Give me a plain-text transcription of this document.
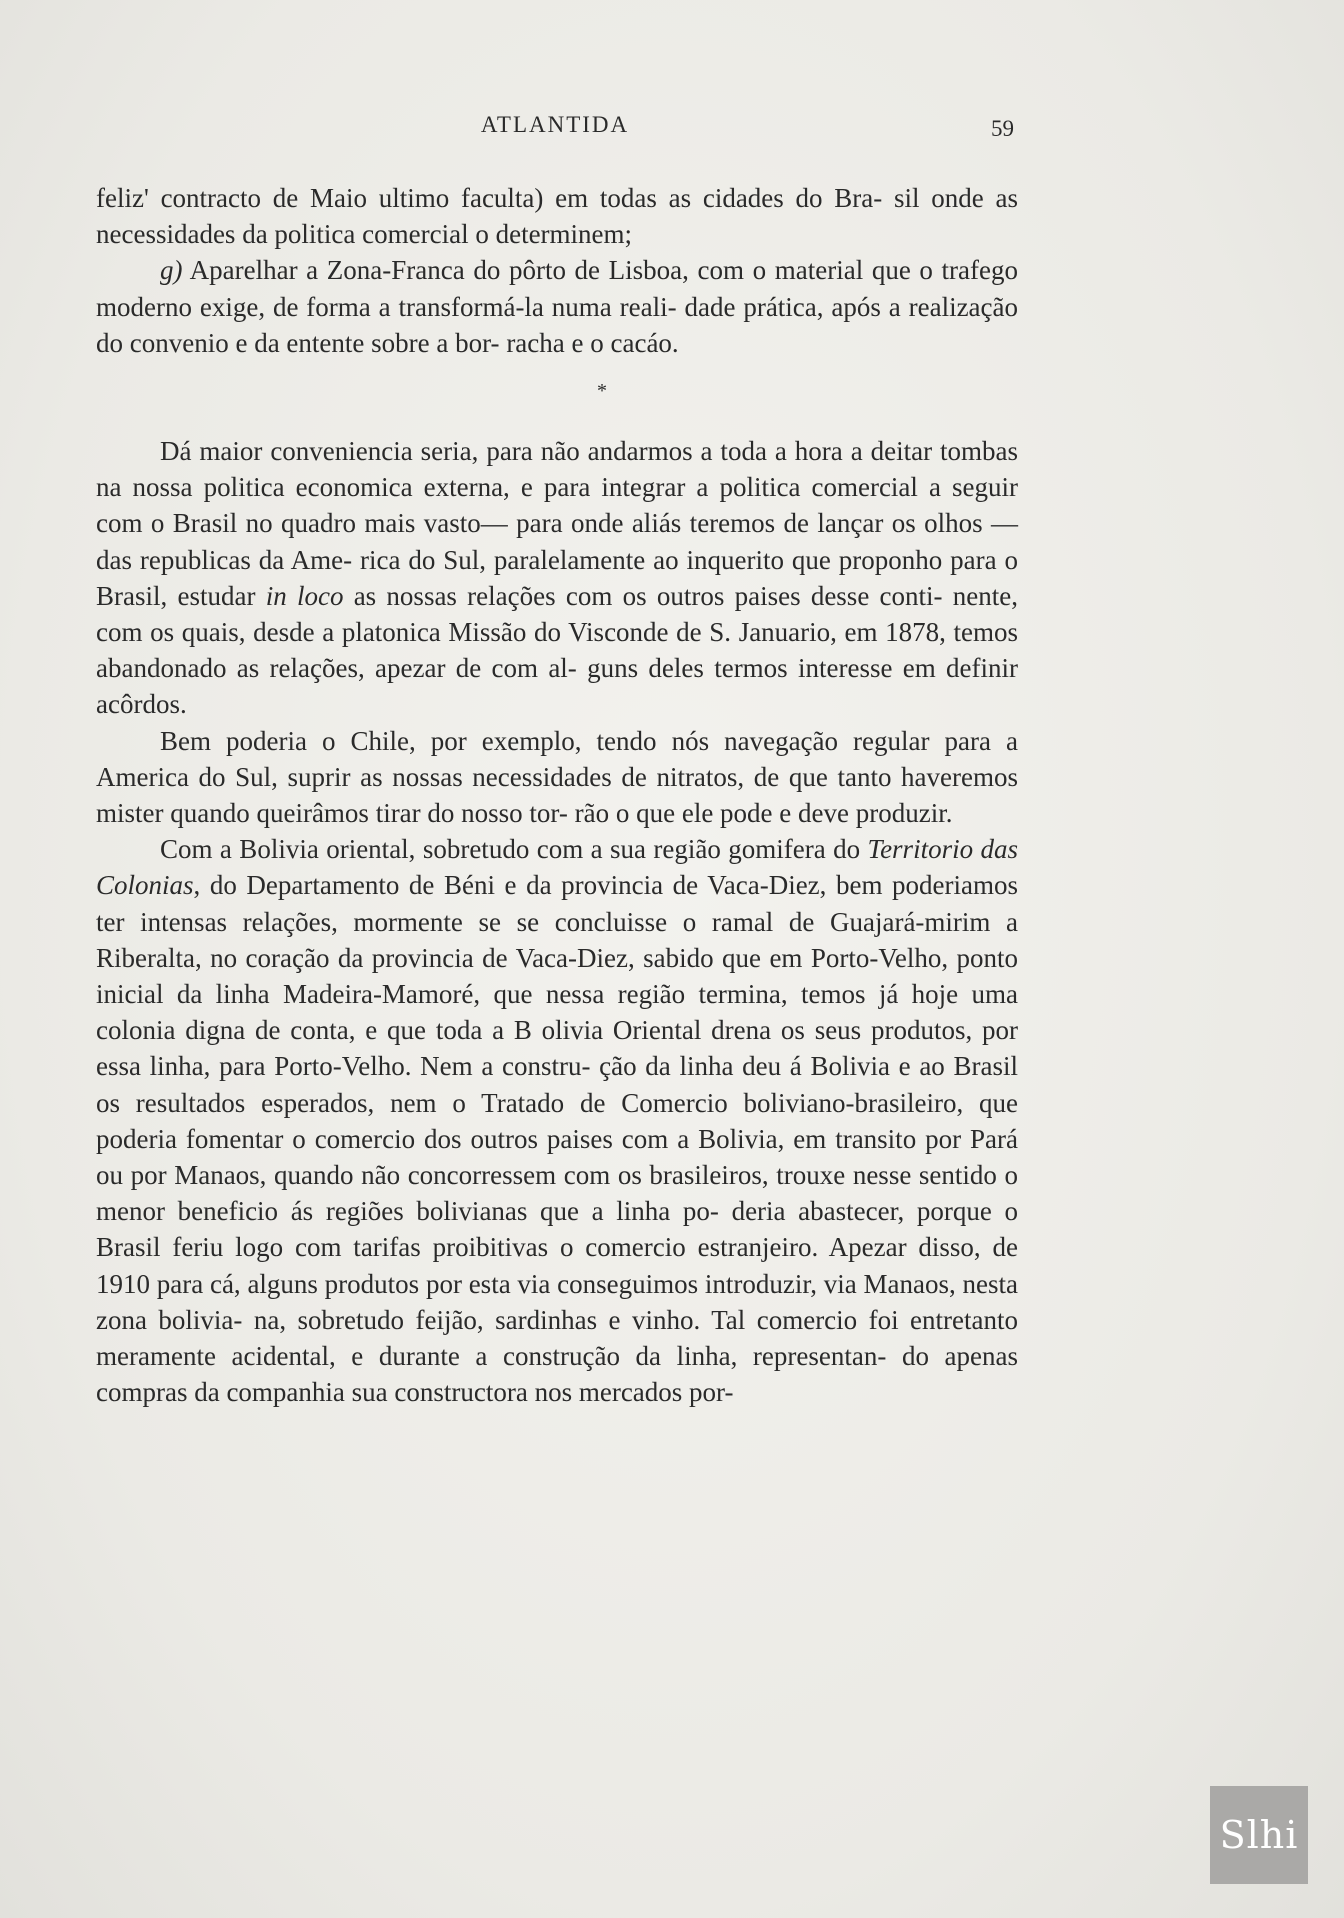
ATLANTIDA	59

feliz' contracto de Maio ultimo faculta) em todas as cidades do Bra- sil onde as necessidades da politica comercial o determinem;

g) Aparelhar a Zona-Franca do pôrto de Lisboa, com o material que o trafego moderno exige, de forma a transformá-la numa reali- dade prática, após a realização do convenio e da entente sobre a bor- racha e o cacáo.

*

Dá maior conveniencia seria, para não andarmos a toda a hora a deitar tombas na nossa politica economica externa, e para integrar a politica comercial a seguir com o Brasil no quadro mais vasto— para onde aliás teremos de lançar os olhos — das republicas da Ame- rica do Sul, paralelamente ao inquerito que proponho para o Brasil, estudar in loco as nossas relações com os outros paises desse conti- nente, com os quais, desde a platonica Missão do Visconde de S. Januario, em 1878, temos abandonado as relações, apezar de com al- guns deles termos interesse em definir acôrdos.

Bem poderia o Chile, por exemplo, tendo nós navegação regular para a America do Sul, suprir as nossas necessidades de nitratos, de que tanto haveremos mister quando queirâmos tirar do nosso tor- rão o que ele pode e deve produzir.

Com a Bolivia oriental, sobretudo com a sua região gomifera do Territorio das Colonias, do Departamento de Béni e da provincia de Vaca-Diez, bem poderiamos ter intensas relações, mormente se se concluisse o ramal de Guajará-mirim a Riberalta, no coração da provincia de Vaca-Diez, sabido que em Porto-Velho, ponto inicial da linha Madeira-Mamoré, que nessa região termina, temos já hoje uma colonia digna de conta, e que toda a B olivia Oriental drena os seus produtos, por essa linha, para Porto-Velho. Nem a constru- ção da linha deu á Bolivia e ao Brasil os resultados esperados, nem o Tratado de Comercio boliviano-brasileiro, que poderia fomentar o comercio dos outros paises com a Bolivia, em transito por Pará ou por Manaos, quando não concorressem com os brasileiros, trouxe nesse sentido o menor beneficio ás regiões bolivianas que a linha po- deria abastecer, porque o Brasil feriu logo com tarifas proibitivas o comercio estranjeiro. Apezar disso, de 1910 para cá, alguns produtos por esta via conseguimos introduzir, via Manaos, nesta zona bolivia- na, sobretudo feijão, sardinhas e vinho. Tal comercio foi entretanto meramente acidental, e durante a construção da linha, representan- do apenas compras da companhia sua constructora nos mercados por-

Slhi
